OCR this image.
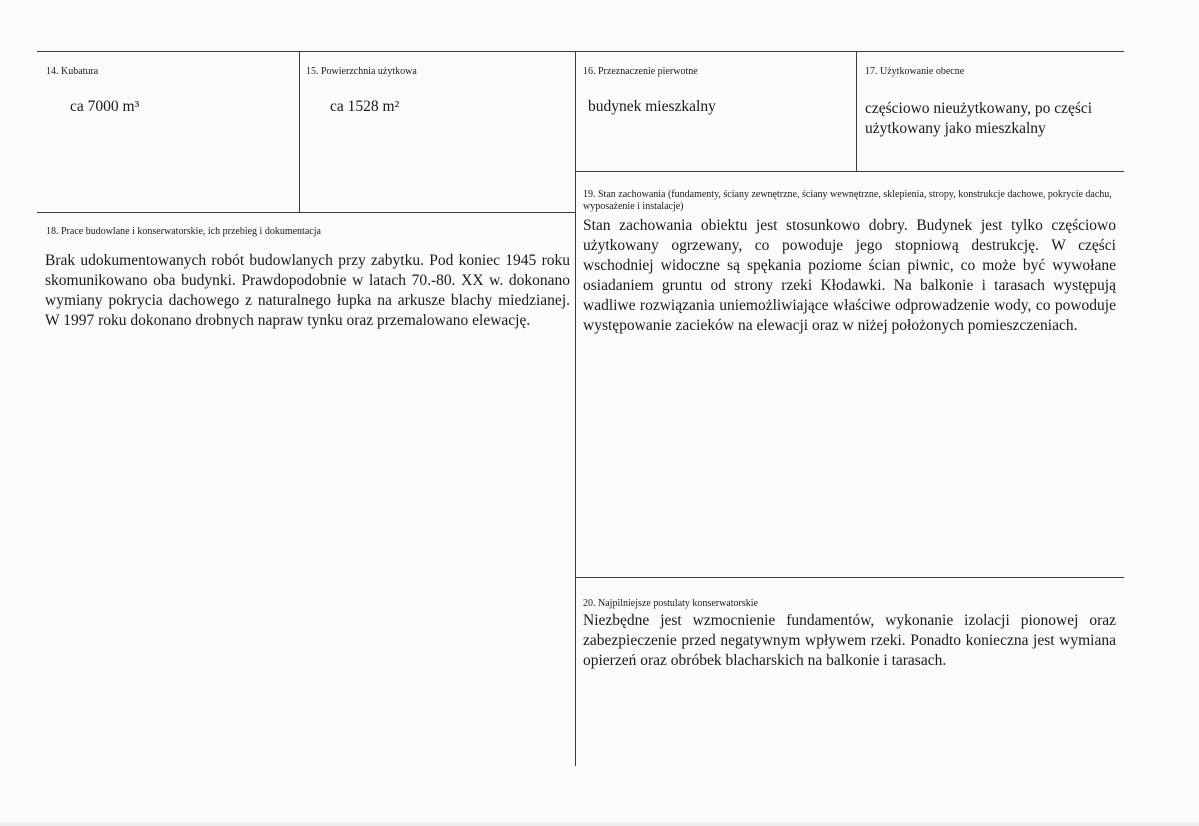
14. Kubatura
ca 7000 m³
15. Powierzchnia użytkowa
ca 1528 m²
16. Przeznaczenie pierwotne
budynek mieszkalny
17. Użytkowanie obecne
częściowo nieużytkowany, po części użytkowany jako mieszkalny
18. Prace budowlane i konserwatorskie, ich przebieg i dokumentacja
Brak udokumentowanych robót budowlanych przy zabytku. Pod koniec 1945 roku skomunikowano oba budynki. Prawdopodobnie w latach 70.-80. XX w. dokonano wymiany pokrycia dachowego z naturalnego łupka na arkusze blachy miedzianej. W 1997 roku dokonano drobnych napraw tynku oraz przemalowano elewację.
19. Stan zachowania (fundamenty, ściany zewnętrzne, ściany wewnętrzne, sklepienia, stropy, konstrukcje dachowe, pokrycie dachu, wyposażenie i instalacje)
Stan zachowania obiektu jest stosunkowo dobry. Budynek jest tylko częściowo użytkowany ogrzewany, co powoduje jego stopniową destrukcję. W części wschodniej widoczne są spękania poziome ścian piwnic, co może być wywołane osiadaniem gruntu od strony rzeki Kłodawki. Na balkonie i tarasach występują wadliwe rozwiązania uniemożliwiające właściwe odprowadzenie wody, co powoduje występowanie zacieków na elewacji oraz w niżej położonych pomieszczeniach.
20. Najpilniejsze postulaty konserwatorskie
Niezbędne jest wzmocnienie fundamentów, wykonanie izolacji pionowej oraz zabezpieczenie przed negatywnym wpływem rzeki. Ponadto konieczna jest wymiana opierzeń oraz obróbek blacharskich na balkonie i tarasach.
